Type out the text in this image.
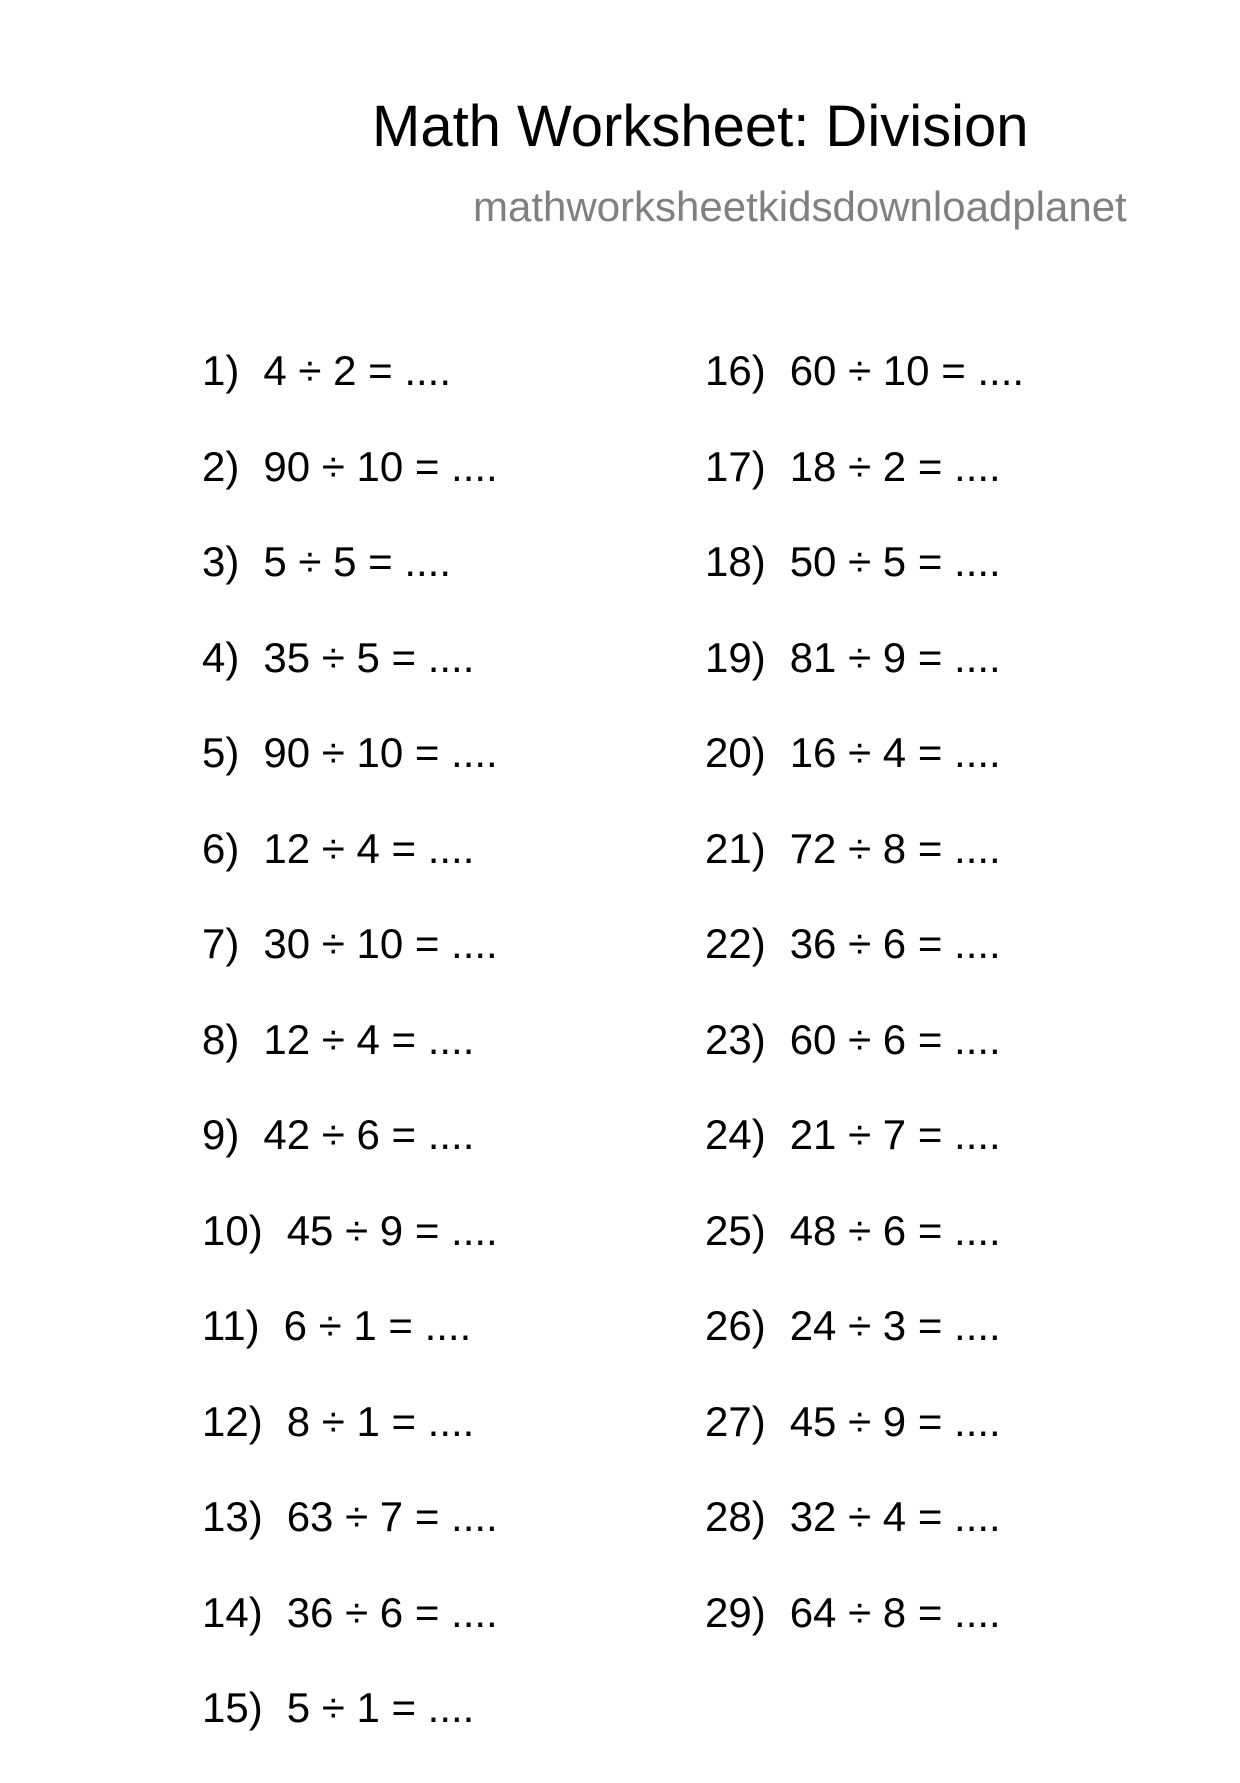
Math Worksheet: Division
mathworksheetkidsdownloadplanet
1) 4 ÷ 2 = ....
2) 90 ÷ 10 = ....
3) 5 ÷ 5 = ....
4) 35 ÷ 5 = ....
5) 90 ÷ 10 = ....
6) 12 ÷ 4 = ....
7) 30 ÷ 10 = ....
8) 12 ÷ 4 = ....
9) 42 ÷ 6 = ....
10) 45 ÷ 9 = ....
11) 6 ÷ 1 = ....
12) 8 ÷ 1 = ....
13) 63 ÷ 7 = ....
14) 36 ÷ 6 = ....
15) 5 ÷ 1 = ....
16) 60 ÷ 10 = ....
17) 18 ÷ 2 = ....
18) 50 ÷ 5 = ....
19) 81 ÷ 9 = ....
20) 16 ÷ 4 = ....
21) 72 ÷ 8 = ....
22) 36 ÷ 6 = ....
23) 60 ÷ 6 = ....
24) 21 ÷ 7 = ....
25) 48 ÷ 6 = ....
26) 24 ÷ 3 = ....
27) 45 ÷ 9 = ....
28) 32 ÷ 4 = ....
29) 64 ÷ 8 = ....
